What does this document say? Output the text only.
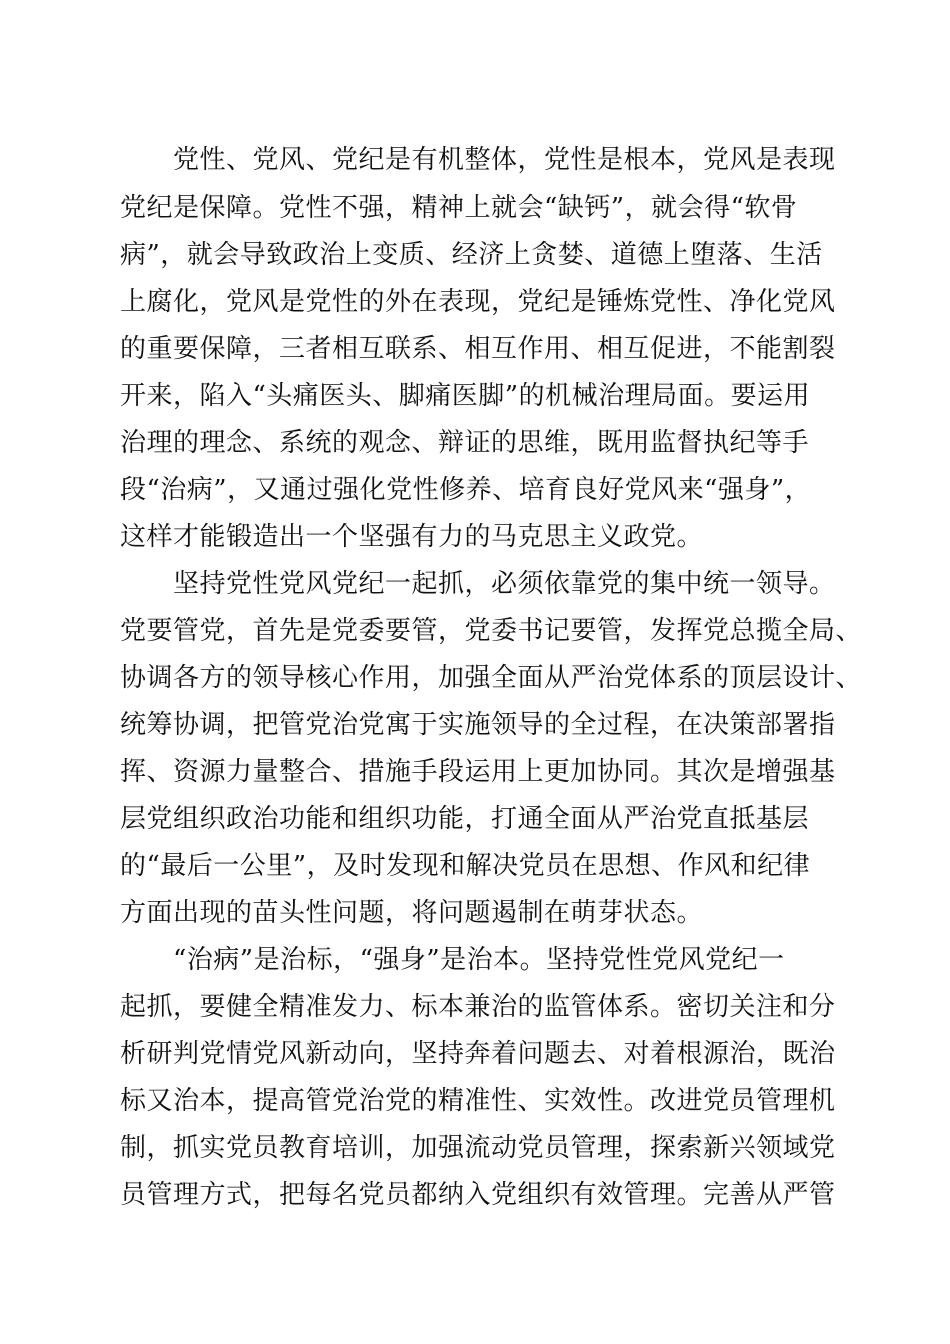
党性、党风、党纪是有机整体，党性是根本，党风是表现
党纪是保障。党性不强，精神上就会“缺钙”，就会得“软骨
病”，就会导致政治上变质、经济上贪婪、道德上堕落、生活
上腐化，党风是党性的外在表现，党纪是锤炼党性、净化党风
的重要保障，三者相互联系、相互作用、相互促进，不能割裂
开来，陷入“头痛医头、脚痛医脚”的机械治理局面。要运用
治理的理念、系统的观念、辩证的思维，既用监督执纪等手
段“治病”，又通过强化党性修养、培育良好党风来“强身”，
这样才能锻造出一个坚强有力的马克思主义政党。
坚持党性党风党纪一起抓，必须依靠党的集中统一领导。
党要管党，首先是党委要管，党委书记要管，发挥党总揽全局、
协调各方的领导核心作用，加强全面从严治党体系的顶层设计、
统筹协调，把管党治党寓于实施领导的全过程，在决策部署指
挥、资源力量整合、措施手段运用上更加协同。其次是增强基
层党组织政治功能和组织功能，打通全面从严治党直抵基层
的“最后一公里”，及时发现和解决党员在思想、作风和纪律
方面出现的苗头性问题，将问题遏制在萌芽状态。
“治病”是治标，“强身”是治本。坚持党性党风党纪一
起抓，要健全精准发力、标本兼治的监管体系。密切关注和分
析研判党情党风新动向，坚持奔着问题去、对着根源治，既治
标又治本，提高管党治党的精准性、实效性。改进党员管理机
制，抓实党员教育培训，加强流动党员管理，探索新兴领域党
员管理方式，把每名党员都纳入党组织有效管理。完善从严管
